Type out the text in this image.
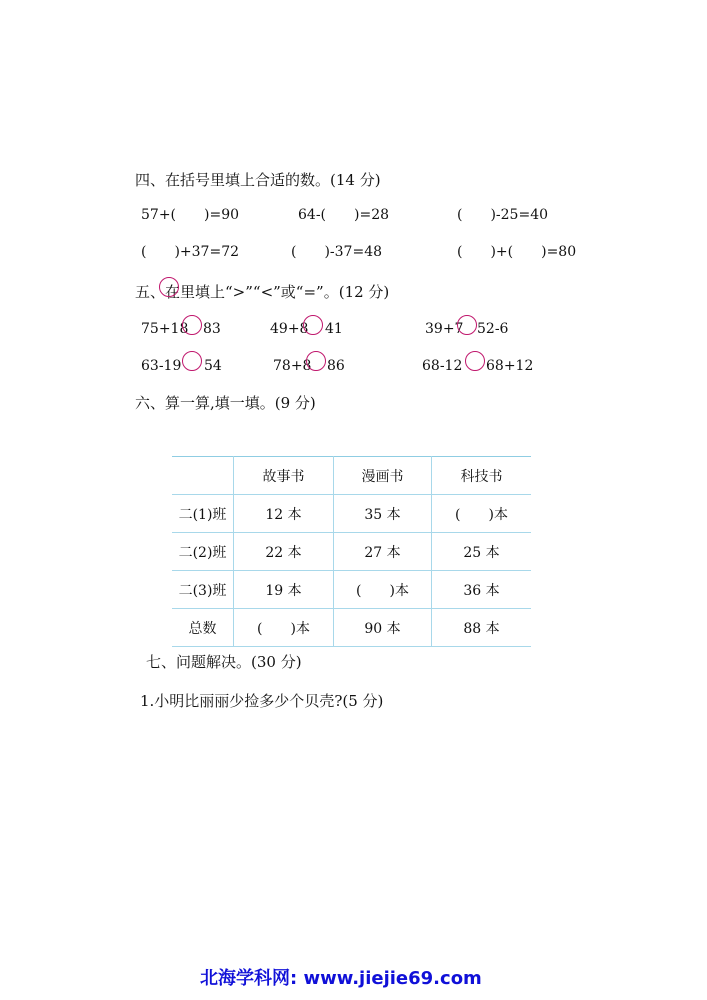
四、在括号里填上合适的数。(14 分)
57+(　　)=90	64-(　　)=28	(　　)-25=40
(　　)+37=72	(　　)-37=48	(　　)+(　　)=80
五、在 里填上“>”“<”或“=”。(12 分)
75+18 83	49+8 41	39+7 52-6
63-19 54	78+8 86	68-12 68+12
六、算一算,填一填。(9 分)
	故事书	漫画书	科技书
二(1)班	12 本	35 本	(　　)本
二(2)班	22 本	27 本	25 本
二(3)班	19 本	(　　)本	36 本
总数	(　　)本	90 本	88 本
七、问题解决。(30 分)
1.小明比丽丽少捡多少个贝壳?(5 分)
北海学科网: www.jiejie69.com
